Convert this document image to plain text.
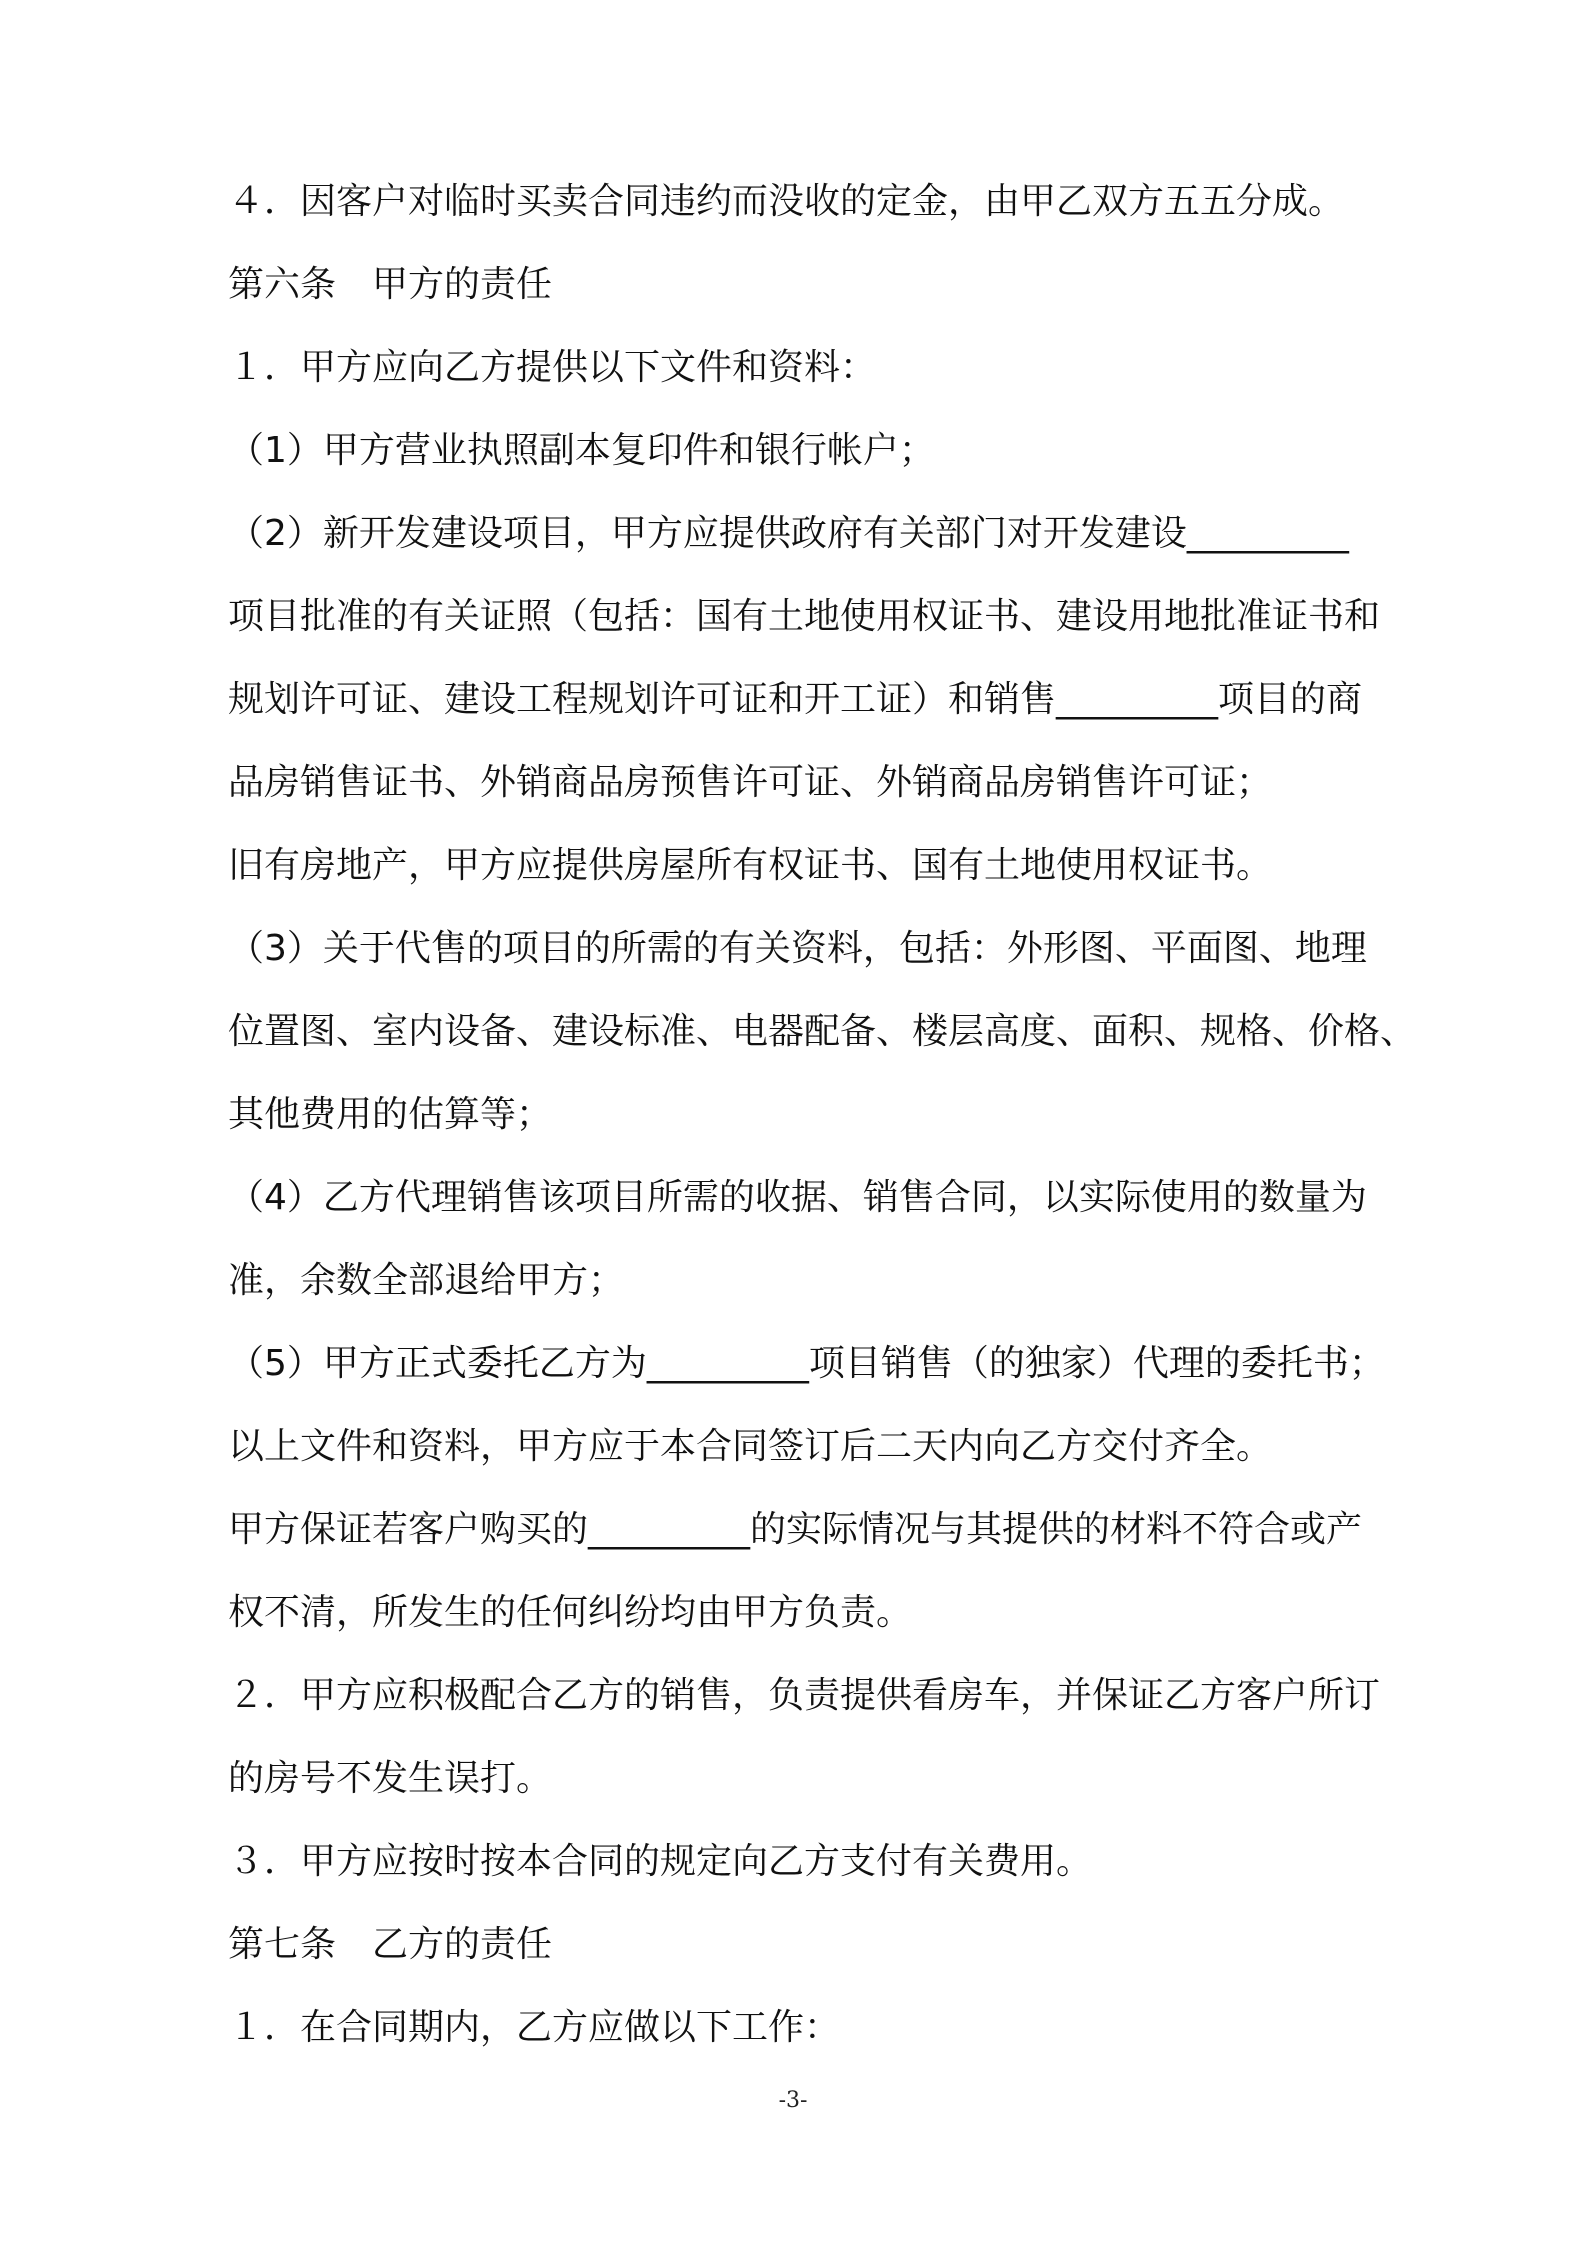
４．因客户对临时买卖合同违约而没收的定金，由甲乙双方五五分成。
第六条　甲方的责任
１．甲方应向乙方提供以下文件和资料：
（1）甲方营业执照副本复印件和银行帐户；
（2）新开发建设项目，甲方应提供政府有关部门对开发建设_________
项目批准的有关证照（包括：国有土地使用权证书、建设用地批准证书和
规划许可证、建设工程规划许可证和开工证）和销售_________项目的商
品房销售证书、外销商品房预售许可证、外销商品房销售许可证；
旧有房地产，甲方应提供房屋所有权证书、国有土地使用权证书。
（3）关于代售的项目的所需的有关资料，包括：外形图、平面图、地理
位置图、室内设备、建设标准、电器配备、楼层高度、面积、规格、价格、
其他费用的估算等；
（4）乙方代理销售该项目所需的收据、销售合同，以实际使用的数量为
准，余数全部退给甲方；
（5）甲方正式委托乙方为_________项目销售（的独家）代理的委托书；
以上文件和资料，甲方应于本合同签订后二天内向乙方交付齐全。
甲方保证若客户购买的_________的实际情况与其提供的材料不符合或产
权不清，所发生的任何纠纷均由甲方负责。
２．甲方应积极配合乙方的销售，负责提供看房车，并保证乙方客户所订
的房号不发生误打。
３．甲方应按时按本合同的规定向乙方支付有关费用。
第七条　乙方的责任
１．在合同期内，乙方应做以下工作：
-3-
